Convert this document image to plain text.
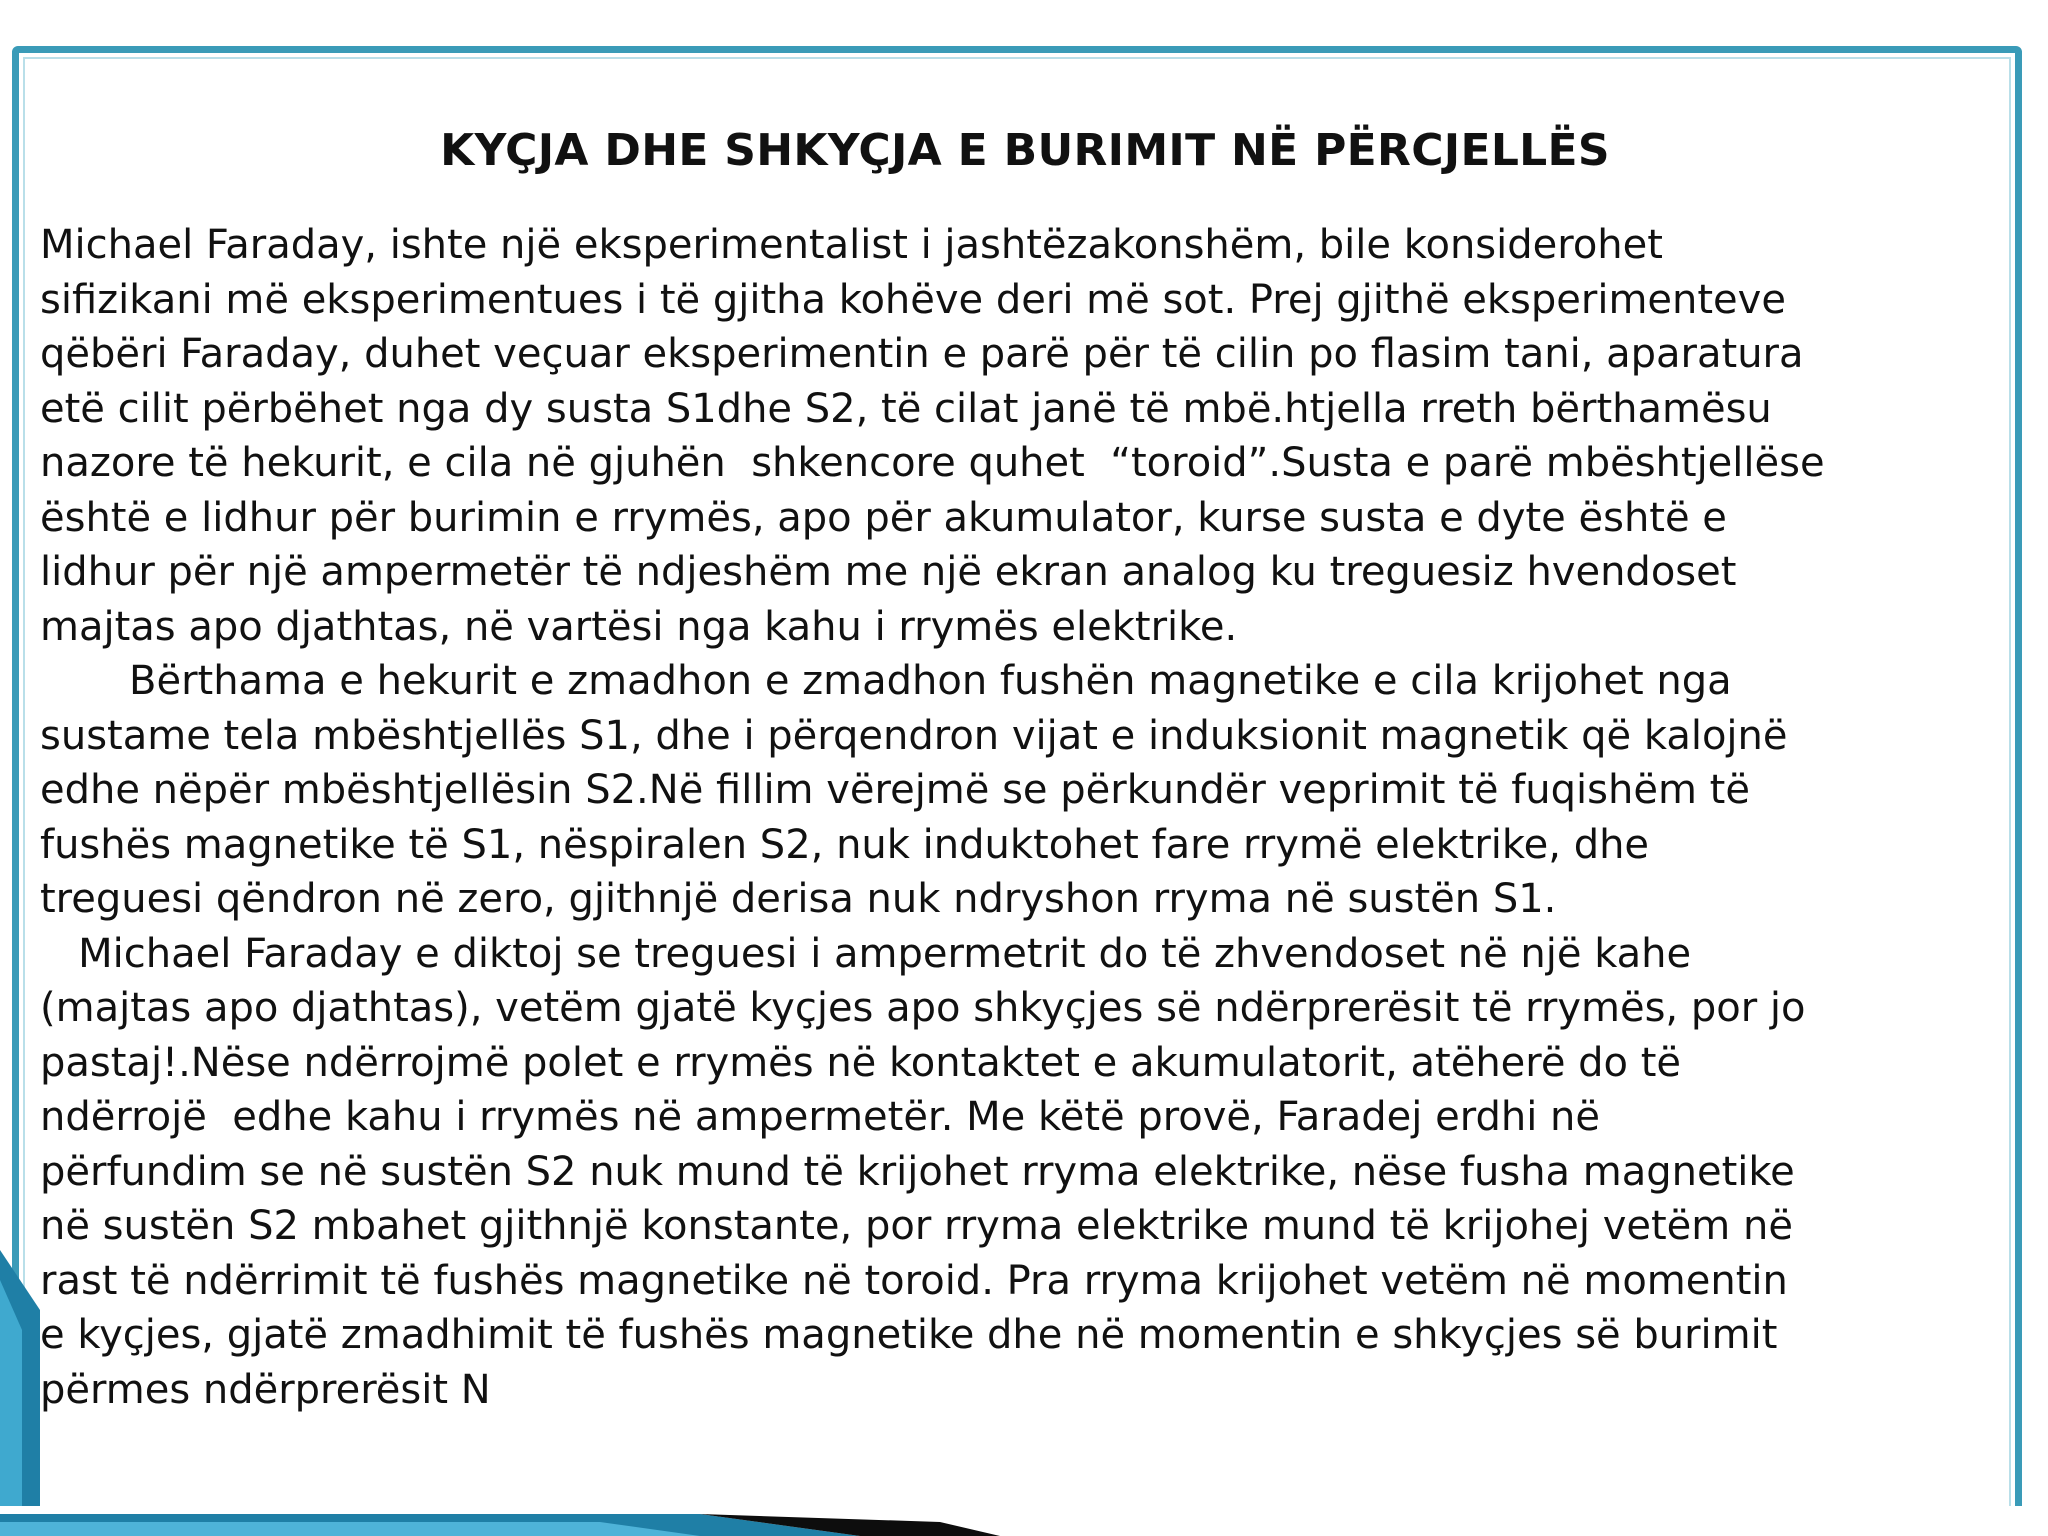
KYÇJA DHE SHKYÇJA E BURIMIT NË PËRCJELLËS

Michael Faraday, ishte një eksperimentalist i jashtëzakonshëm, bile konsiderohet
sifizikani më eksperimentues i të gjitha kohëve deri më sot. Prej gjithë eksperimenteve
qëbëri Faraday, duhet veçuar eksperimentin e parë për të cilin po flasim tani, aparatura
etë cilit përbëhet nga dy susta S1dhe S2, të cilat janë të mbë.htjella rreth bërthamësu
nazore të hekurit, e cila në gjuhën  shkencore quhet  “toroid”.Susta e parë mbështjellëse
është e lidhur për burimin e rrymës, apo për akumulator, kurse susta e dyte është e
lidhur për një ampermetër të ndjeshëm me një ekran analog ku treguesiz hvendoset
majtas apo djathtas, në vartësi nga kahu i rrymës elektrike.

Bërthama e hekurit e zmadhon e zmadhon fushën magnetike e cila krijohet nga
sustame tela mbështjellës S1, dhe i përqendron vijat e induksionit magnetik që kalojnë
edhe nëpër mbështjellësin S2.Në fillim vërejmë se përkundër veprimit të fuqishëm të
fushës magnetike të S1, nëspiralen S2, nuk induktohet fare rrymë elektrike, dhe
treguesi qëndron në zero, gjithnjë derisa nuk ndryshon rryma në sustën S1.

Michael Faraday e diktoj se treguesi i ampermetrit do të zhvendoset në një kahe
(majtas apo djathtas), vetëm gjatë kyçjes apo shkyçjes së ndërprerësit të rrymës, por jo
pastaj!.Nëse ndërrojmë polet e rrymës në kontaktet e akumulatorit, atëherë do të
ndërrojë  edhe kahu i rrymës në ampermetër. Me këtë provë, Faradej erdhi në
përfundim se në sustën S2 nuk mund të krijohet rryma elektrike, nëse fusha magnetike
në sustën S2 mbahet gjithnjë konstante, por rryma elektrike mund të krijohej vetëm në
rast të ndërrimit të fushës magnetike në toroid. Pra rryma krijohet vetëm në momentin
e kyçjes, gjatë zmadhimit të fushës magnetike dhe në momentin e shkyçjes së burimit
përmes ndërprerësit N
